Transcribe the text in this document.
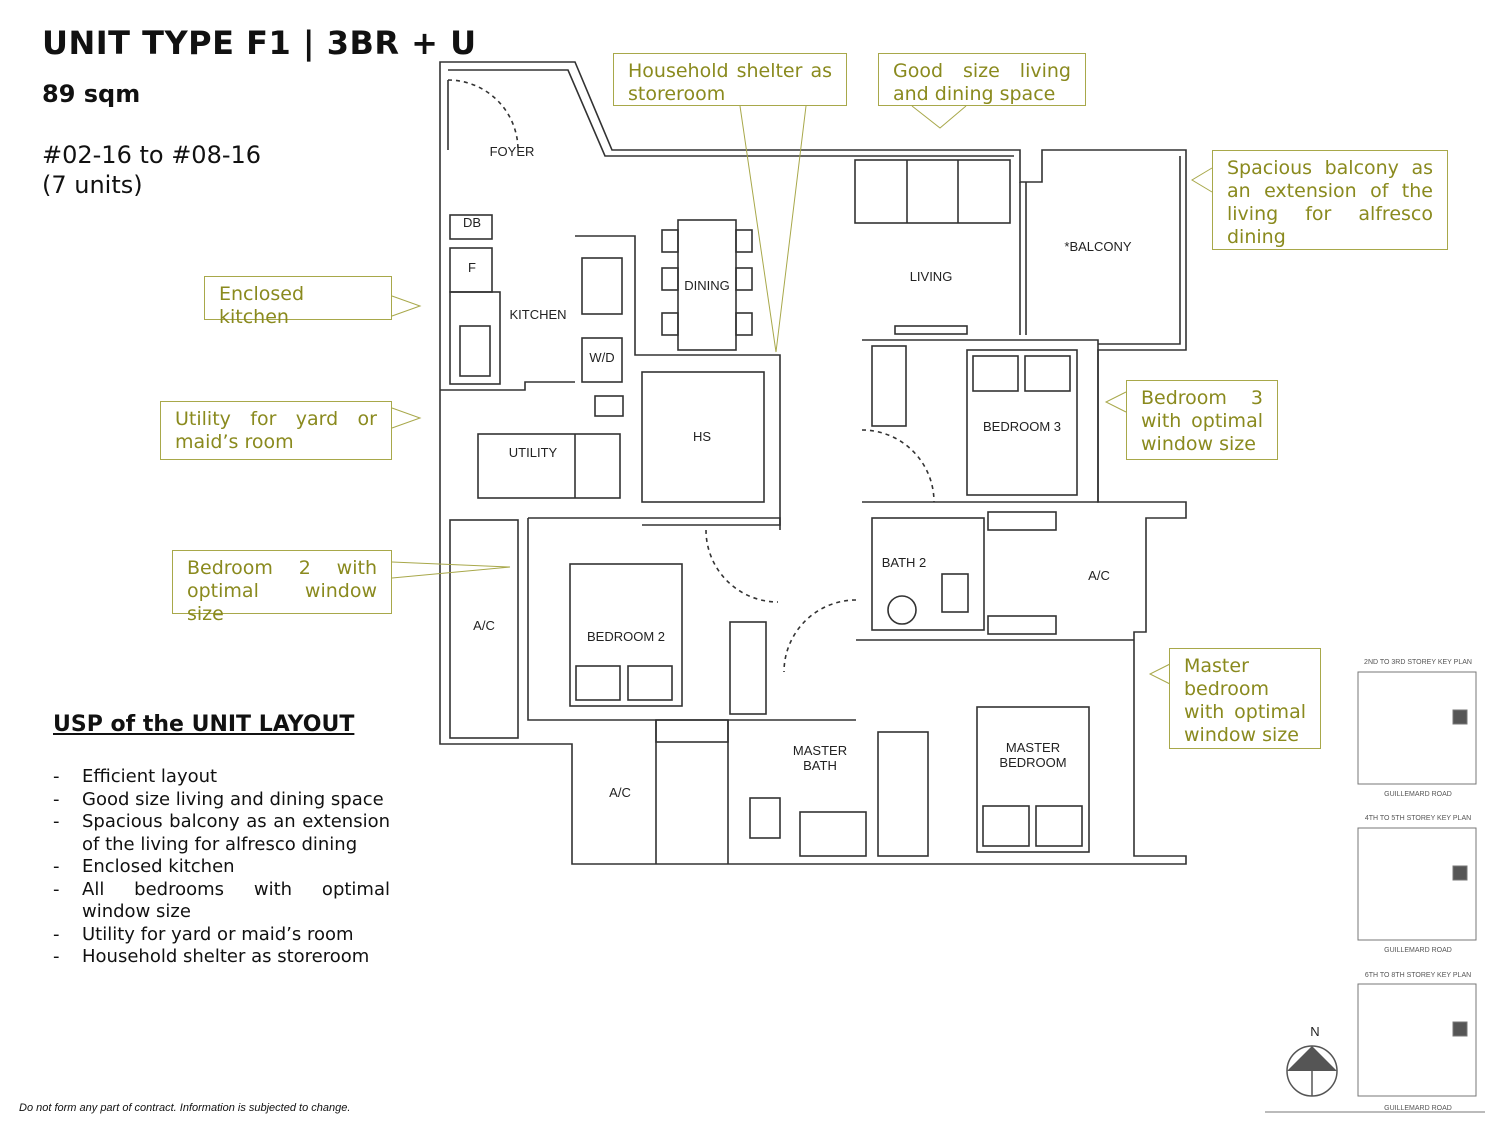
UNIT TYPE F1 | 3BR + U
89 sqm
#02-16 to #08-16
(7 units)
FOYER
DB
F
KITCHEN
W/D
DINING
LIVING
*BALCONY
UTILITY
HS
BEDROOM 3
BATH 2
A/C
A/C
BEDROOM 2
MASTER
BATH
MASTER
BEDROOM
A/C
2ND TO 3RD STOREY KEY PLAN
GUILLEMARD ROAD
4TH TO 5TH STOREY KEY PLAN
GUILLEMARD ROAD
6TH TO 8TH STOREY KEY PLAN
GUILLEMARD ROAD
N
Household shelter as storeroom
Good size living and dining space
Spacious balcony as an extension of the living for alfresco dining
Enclosed kitchen
Utility for yard or maid’s room
Bedroom 3 with optimal window size
Bedroom 2 with optimal window size
Master bedroom with optimal window size
USP of the UNIT LAYOUT
- Efficient layout
- Good size living and dining space
- Spacious balcony as an extension of the living for alfresco dining
- Enclosed kitchen
- All bedrooms with optimal window size
- Utility for yard or maid’s room
- Household shelter as storeroom
Do not form any part of contract. Information is subjected to change.
